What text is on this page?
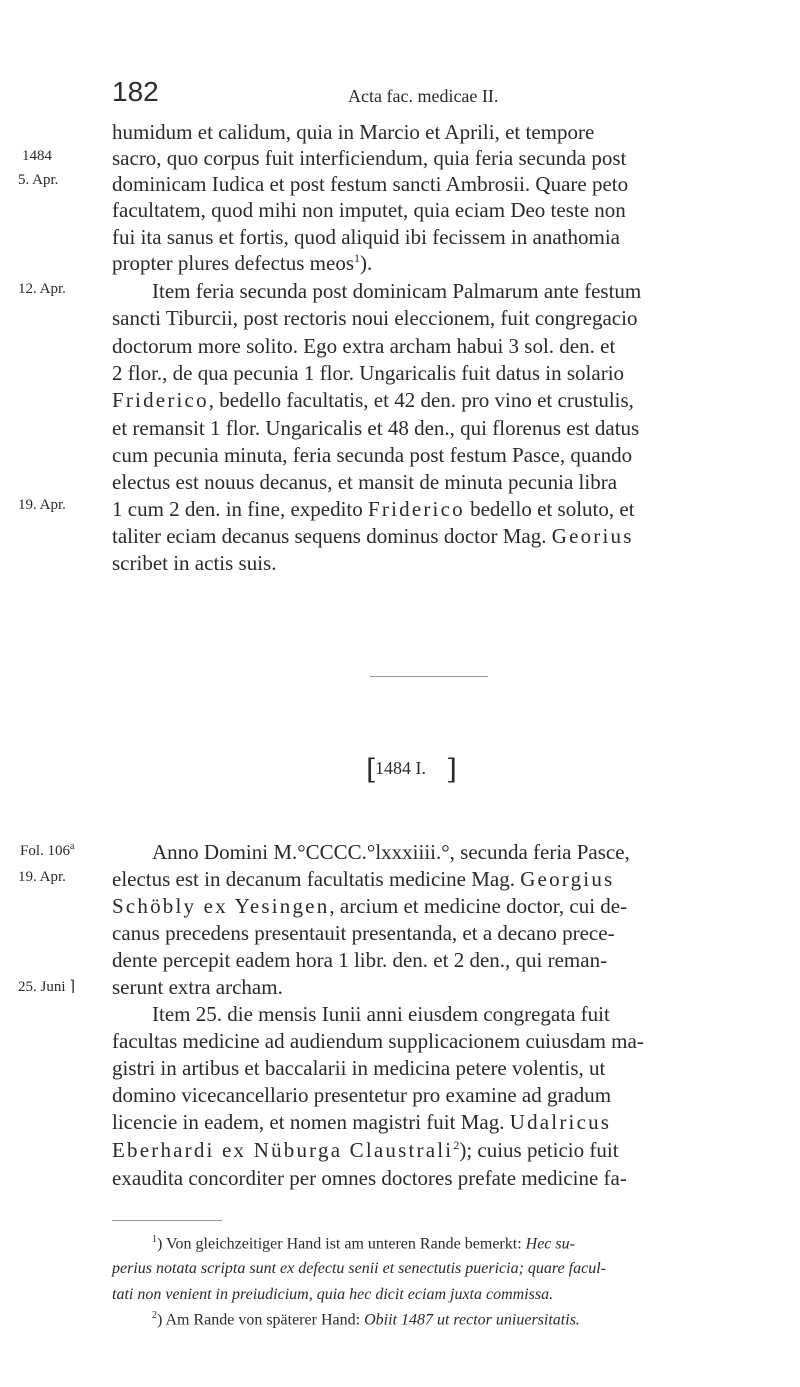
182	Acta fac. medicae II.
1484
5. Apr.
12. Apr.
19. Apr.
Fol. 106$^a$
19. Apr.
25. Juni ⌉
humidum et calidum, quia in Marcio et Aprili, et tempore
sacro, quo corpus fuit interficiendum, quia feria secunda post
dominicam Iudica et post festum sancti Ambrosii. Quare peto
facultatem, quod mihi non imputet, quia eciam Deo teste non
fui ita sanus et fortis, quod aliquid ibi fecissem in anathomia
propter plures defectus meos$^1$).
Item feria secunda post dominicam Palmarum ante festum
sancti Tiburcii, post rectoris noui eleccionem, fuit congregacio
doctorum more solito. Ego extra archam habui 3 sol. den. et
2 flor., de qua pecunia 1 flor. Ungaricalis fuit datus in solario
Friderico, bedello facultatis, et 42 den. pro vino et crustulis,
et remansit 1 flor. Ungaricalis et 48 den., qui florenus est datus
cum pecunia minuta, feria secunda post festum Pasce, quando
electus est nouus decanus, et mansit de minuta pecunia libra
1 cum 2 den. in fine, expedito Friderico bedello et soluto, et
taliter eciam decanus sequens dominus doctor Mag. Georius
scribet in actis suis.
[
1484 I. ]
Anno Domini M.°CCCC.°lxxxiiii.°, secunda feria Pasce,
electus est in decanum facultatis medicine Mag. Georgius
Schöbly ex Yesingen, arcium et medicine doctor, cui de-
canus precedens presentauit presentanda, et a decano prece-
dente percepit eadem hora 1 libr. den. et 2 den., qui reman-
serunt extra archam.
Item 25. die mensis Iunii anni eiusdem congregata fuit
facultas medicine ad audiendum supplicacionem cuiusdam ma-
gistri in artibus et baccalarii in medicina petere volentis, ut
domino vicecancellario presentetur pro examine ad gradum
licencie in eadem, et nomen magistri fuit Mag. Udalricus
Eberhardi ex Nüburga Claustrali$^2$); cuius peticio fuit
exaudita concorditer per omnes doctores prefate medicine fa-
$^1$) Von gleichzeitiger Hand ist am unteren Rande bemerkt: Hec su-
perius notata scripta sunt ex defectu senii et senectutis puericia; quare facul-
tati non venient in preiudicium, quia hec dicit eciam juxta commissa.
$^2$) Am Rande von späterer Hand: Obiit 1487 ut rector uniuersitatis.
